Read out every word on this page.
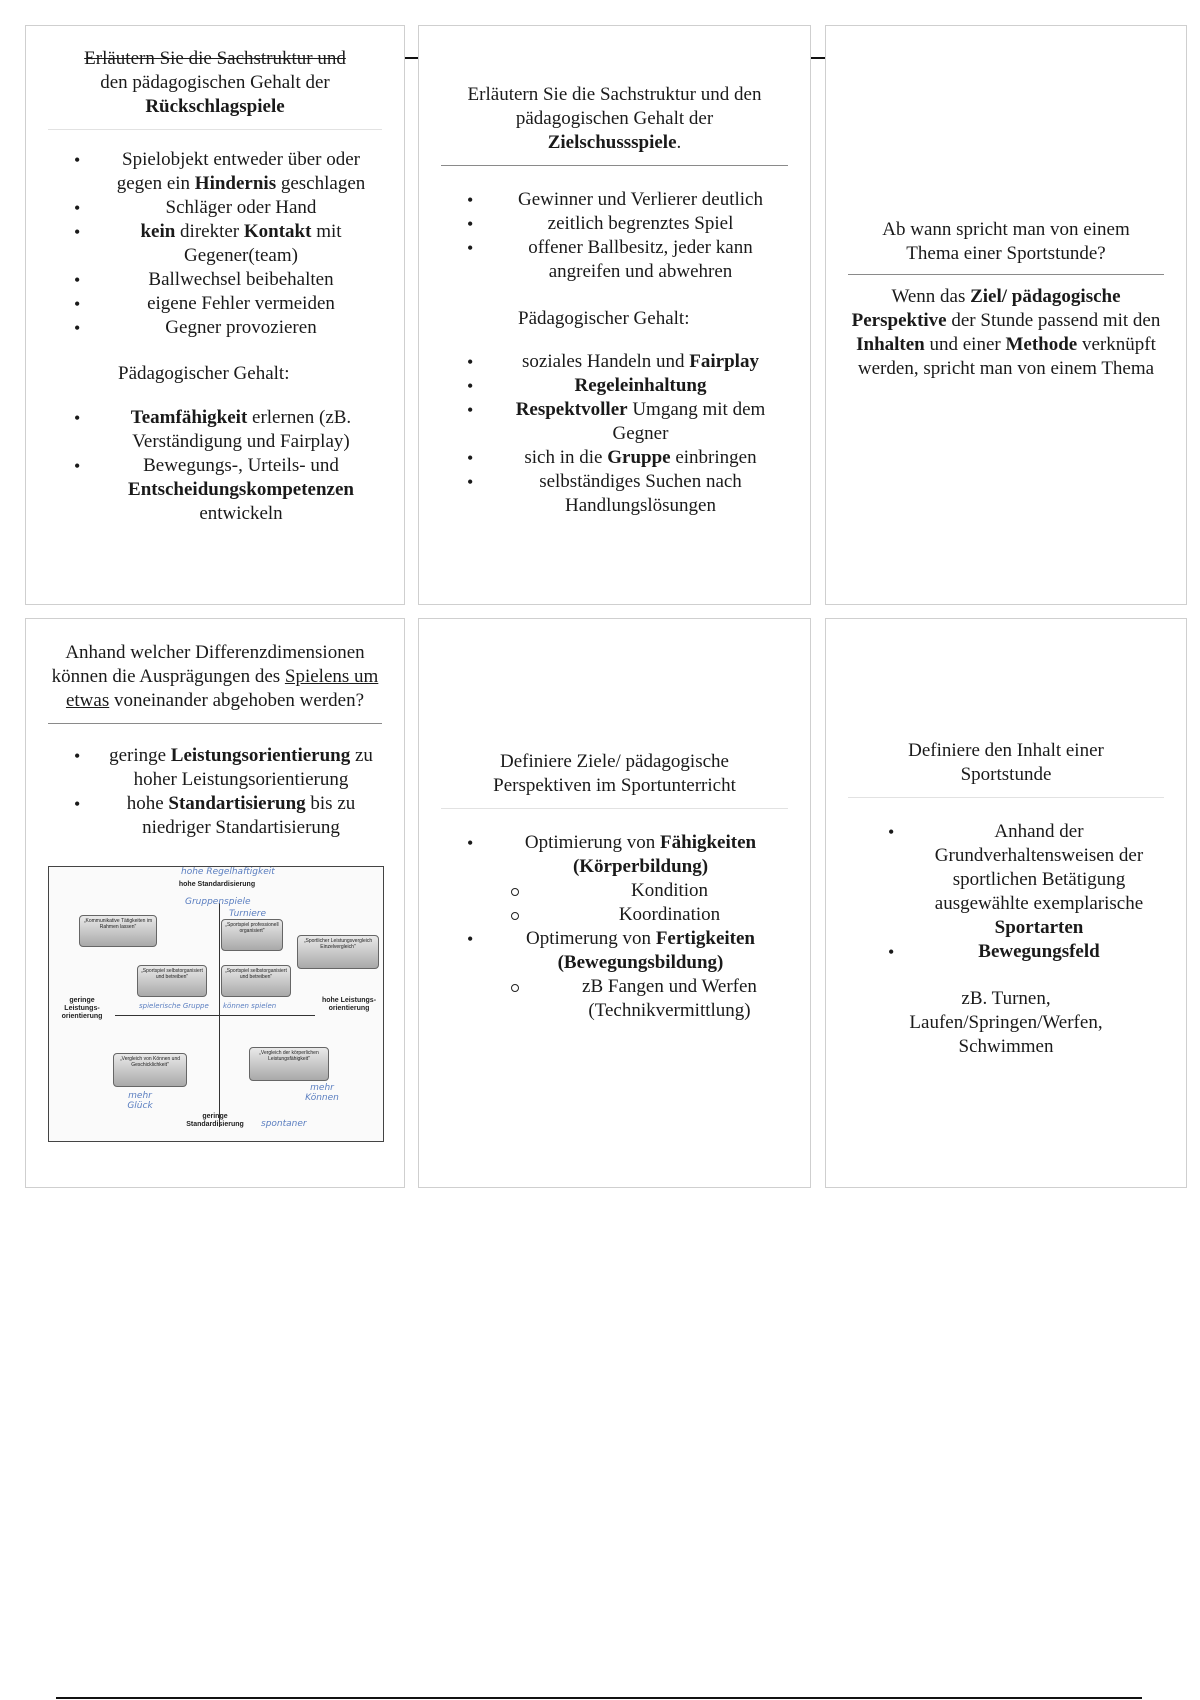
Erläutern Sie die Sachstruktur und
den pädagogischen Gehalt der
Rückschlagspiele

• Spielobjekt entweder über oder gegen ein Hindernis geschlagen
• Schläger oder Hand
• kein direkter Kontakt mit Gegener(team)
• Ballwechsel beibehalten
• eigene Fehler vermeiden
• Gegner provozieren

Pädagogischer Gehalt:

• Teamfähigkeit erlernen (zB. Verständigung und Fairplay)
• Bewegungs-, Urteils- und Entscheidungskompetenzen entwickeln

Erläutern Sie die Sachstruktur und den pädagogischen Gehalt der
Zielschussspiele.

• Gewinner und Verlierer deutlich
• zeitlich begrenztes Spiel
• offener Ballbesitz, jeder kann angreifen und abwehren

Pädagogischer Gehalt:

• soziales Handeln und Fairplay
• Regeleinhaltung
• Respektvoller Umgang mit dem Gegner
• sich in die Gruppe einbringen
• selbständiges Suchen nach Handlungslösungen

Ab wann spricht man von einem Thema einer Sportstunde?

Wenn das Ziel/ pädagogische Perspektive der Stunde passend mit den Inhalten und einer Methode verknüpft werden, spricht man von einem Thema

Anhand welcher Differenzdimensionen können die Ausprägungen des Spielens um etwas voneinander abgehoben werden?

• geringe Leistungsorientierung zu hoher Leistungsorientierung
• hohe Standartisierung bis zu niedriger Standartisierung
hohe Standardisierung
geringe Standardisierung
geringe Leistungs-orientierung
hohe Leistungs-orientierung
„Kommunikative Tätigkeiten im Rahmen lassen"	„Sportspiel professionell organisiert"
„Sportlicher Leistungsvergleich Einzelvergleich"
„Sportspiel selbstorganisiert und betreiben"
„Sportspiel selbstorganisiert und betreiben"
„Vergleich von Können und Geschicklichkeit"
„Vergleich der körperlichen Leistungsfähigkeit"
hohe Regelhaftigkeit
Gruppenspiele
Turniere
spielerische Gruppe können spielen
mehr Glück
mehr Können
spontaner

Definiere Ziele/ pädagogische Perspektiven im Sportunterricht

• Optimierung von Fähigkeiten (Körperbildung)
Kondition
Koordination
• Optimerung von Fertigkeiten (Bewegungsbildung)
zB Fangen und Werfen (Technikvermittlung)

Definiere den Inhalt einer Sportstunde

• Anhand der Grundverhaltensweisen der sportlichen Betätigung ausgewählte exemplarische Sportarten
• Bewegungsfeld

zB. Turnen, Laufen/Springen/Werfen, Schwimmen
